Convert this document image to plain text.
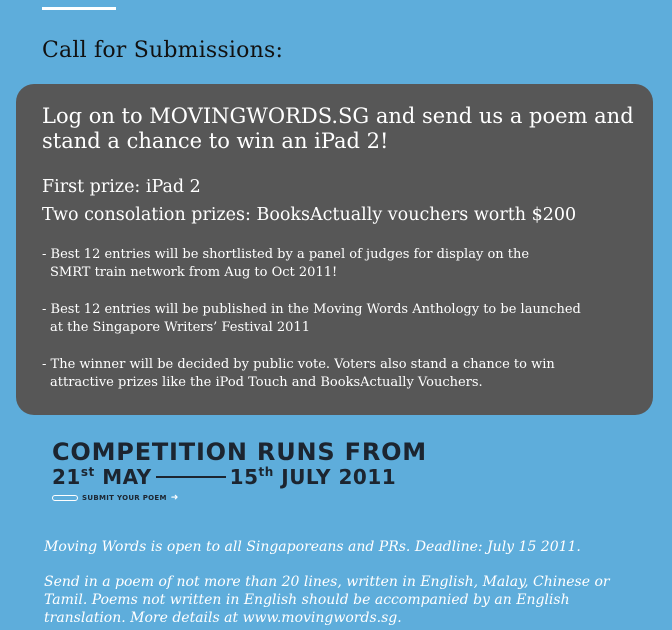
Call for Submissions:
Log on to MOVINGWORDS.SG and send us a poem and stand a chance to win an iPad 2!
First prize: iPad 2
Two consolation prizes: BooksActually vouchers worth $200
- Best 12 entries will be shortlisted by a panel of judges for display on the
SMRT train network from Aug to Oct 2011!
- Best 12 entries will be published in the Moving Words Anthology to be launched
at the Singapore Writers’ Festival 2011
- The winner will be decided by public vote. Voters also stand a chance to win
attractive prizes like the iPod Touch and BooksActually Vouchers.
COMPETITION RUNS FROM
21st MAY	15th JULY 2011
SUBMIT YOUR POEM ➜
Moving Words is open to all Singaporeans and PRs. Deadline: July 15 2011.
Send in a poem of not more than 20 lines, written in English, Malay, Chinese or Tamil. Poems not written in English should be accompanied by an English translation. More details at www.movingwords.sg.
